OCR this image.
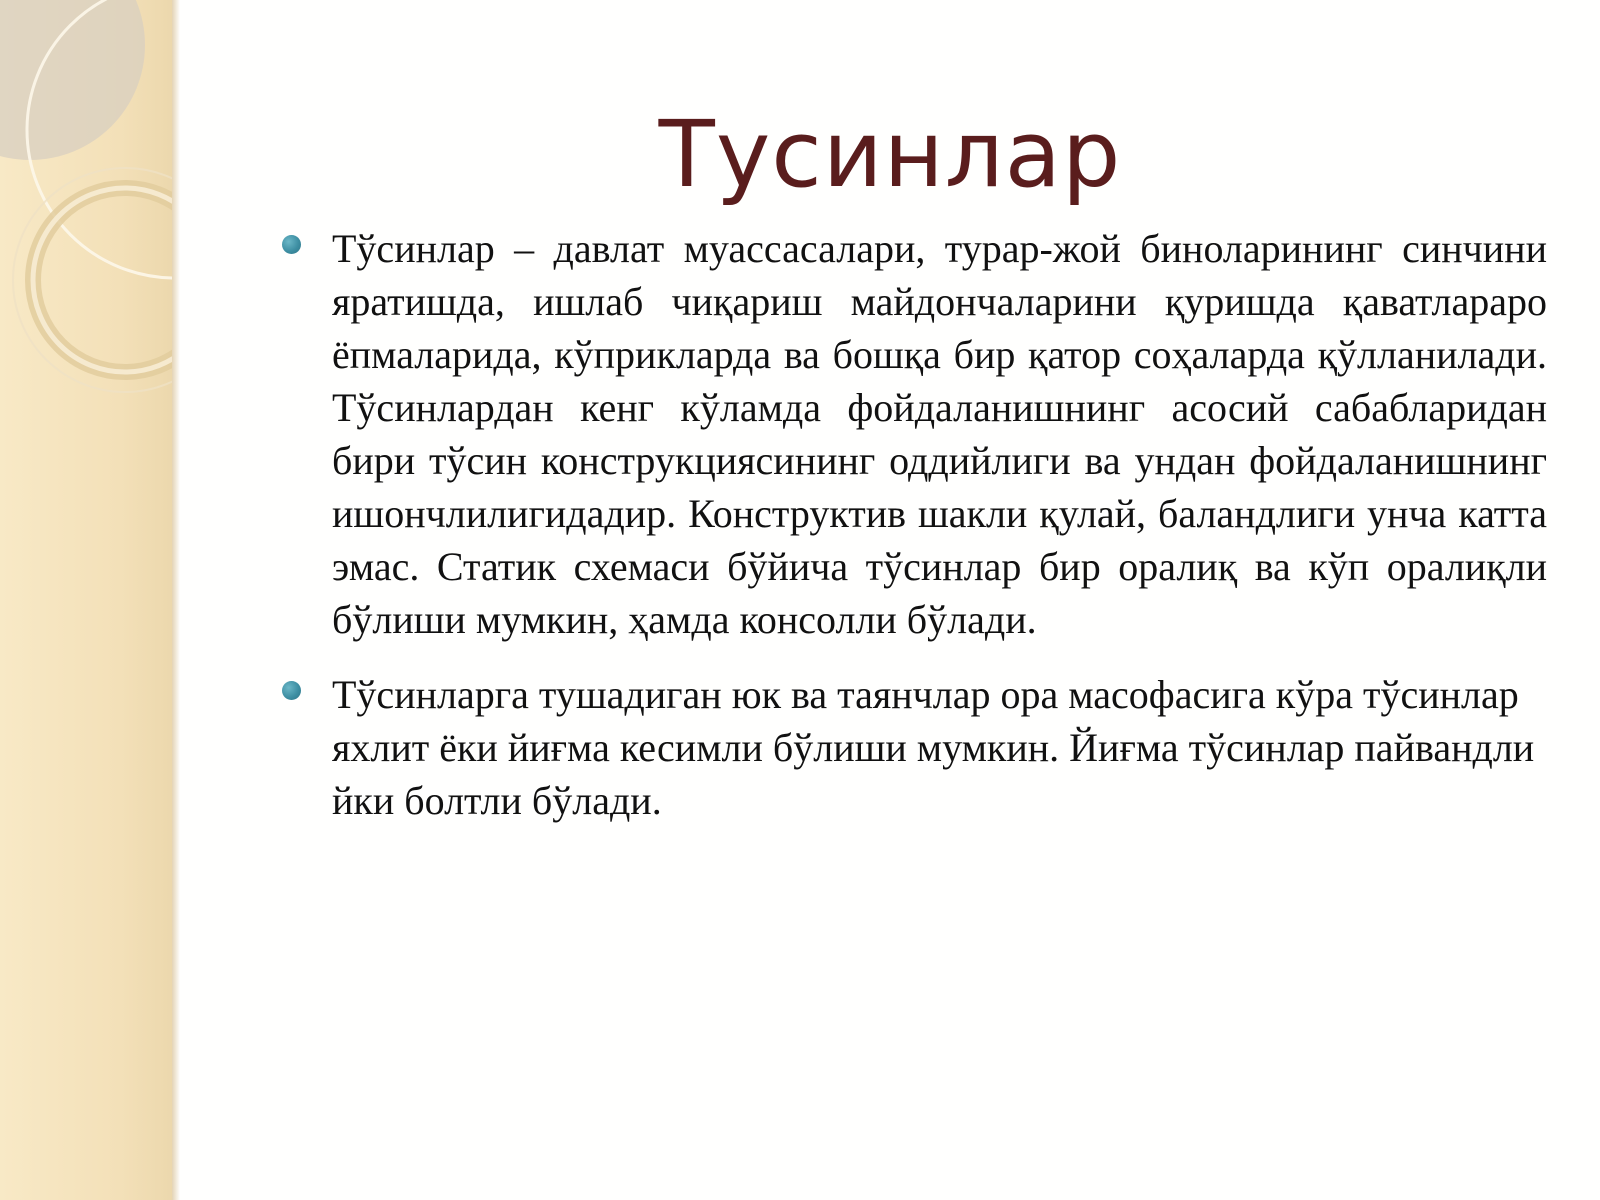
Тусинлар

Тўсинлар – давлат муассасалари, турар-жой биноларининг синчини яратишда, ишлаб чиқариш майдончаларини қуришда қаватлараро ёпмаларида, кўприкларда ва бошқа бир қатор соҳаларда қўлланилади. Тўсинлардан кенг кўламда фойдаланишнинг асосий сабабларидан бири тўсин конструкциясининг оддийлиги ва ундан фойдаланишнинг ишончлилигидадир. Конструктив шакли қулай, баландлиги унча катта эмас. Статик схемаси бўйича тўсинлар бир оралиқ ва кўп оралиқли бўлиши мумкин, ҳамда консолли бўлади.

Тўсинларга тушадиган юк ва таянчлар ора масофасига кўра тўсинлар яхлит ёки йиғма кесимли бўлиши мумкин. Йиғма тўсинлар пайвандли йки болтли бўлади.
